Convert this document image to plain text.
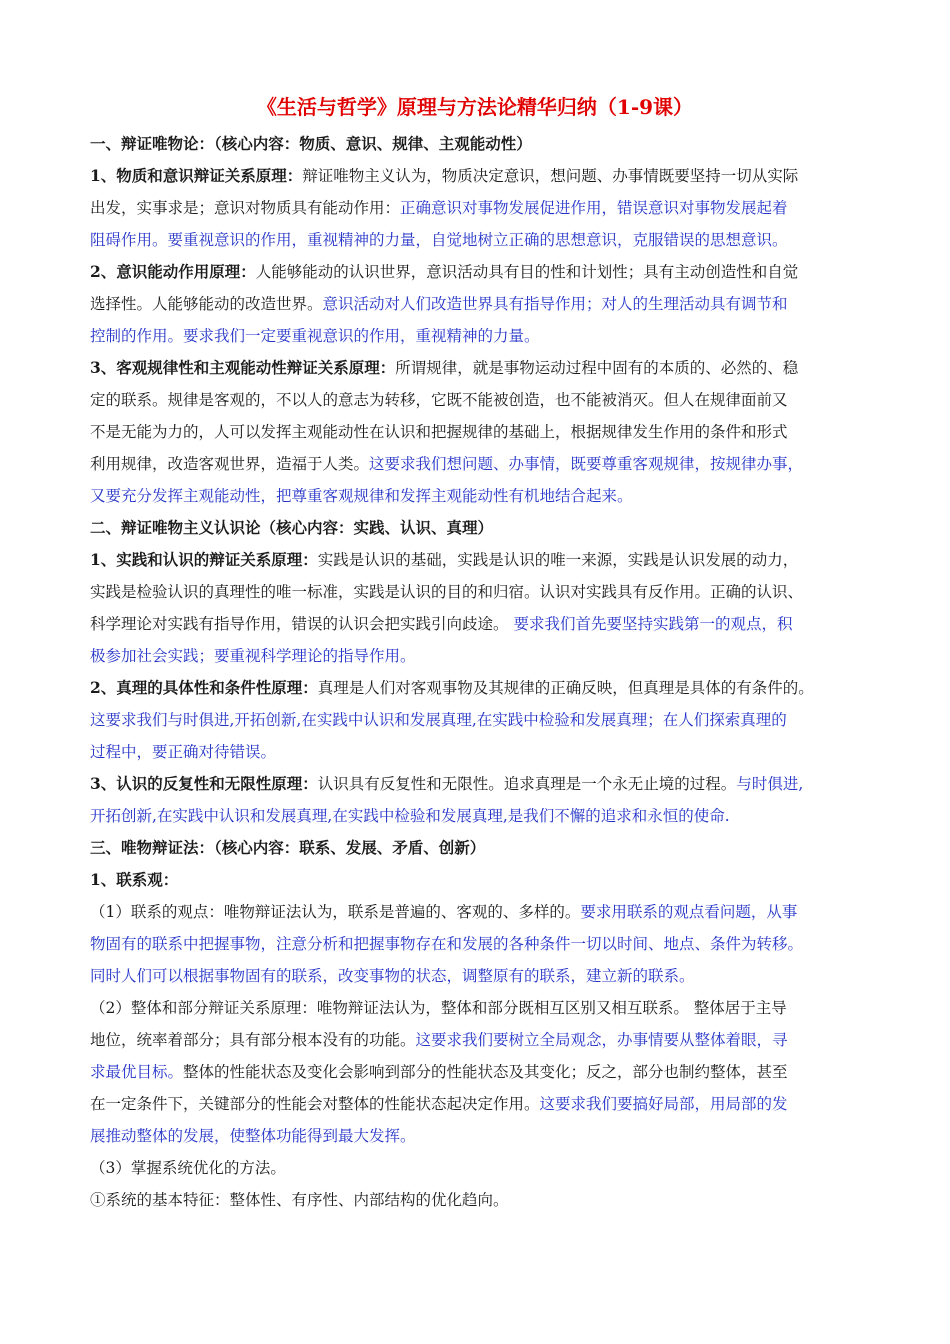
《生活与哲学》原理与方法论精华归纳（1-9课）
一、辩证唯物论：（核心内容：物质、意识、规律、主观能动性）
1、物质和意识辩证关系原理：辩证唯物主义认为，物质决定意识，想问题、办事情既要坚持一切从实际
出发，实事求是；意识对物质具有能动作用：正确意识对事物发展促进作用，错误意识对事物发展起着
阻碍作用。要重视意识的作用，重视精神的力量，自觉地树立正确的思想意识，克服错误的思想意识。
2、意识能动作用原理：人能够能动的认识世界，意识活动具有目的性和计划性；具有主动创造性和自觉
选择性。人能够能动的改造世界。意识活动对人们改造世界具有指导作用；对人的生理活动具有调节和
控制的作用。要求我们一定要重视意识的作用，重视精神的力量。
3、客观规律性和主观能动性辩证关系原理：所谓规律，就是事物运动过程中固有的本质的、必然的、稳
定的联系。规律是客观的，不以人的意志为转移，它既不能被创造，也不能被消灭。但人在规律面前又
不是无能为力的，人可以发挥主观能动性在认识和把握规律的基础上，根据规律发生作用的条件和形式
利用规律，改造客观世界，造福于人类。这要求我们想问题、办事情，既要尊重客观规律，按规律办事，
又要充分发挥主观能动性，把尊重客观规律和发挥主观能动性有机地结合起来。
二、辩证唯物主义认识论（核心内容：实践、认识、真理）
1、实践和认识的辩证关系原理：实践是认识的基础，实践是认识的唯一来源，实践是认识发展的动力，
实践是检验认识的真理性的唯一标准，实践是认识的目的和归宿。认识对实践具有反作用。正确的认识、
科学理论对实践有指导作用，错误的认识会把实践引向歧途。 要求我们首先要坚持实践第一的观点，积
极参加社会实践；要重视科学理论的指导作用。
2、真理的具体性和条件性原理：真理是人们对客观事物及其规律的正确反映，但真理是具体的有条件的。
这要求我们与时俱进,开拓创新,在实践中认识和发展真理,在实践中检验和发展真理；在人们探索真理的
过程中，要正确对待错误。
3、认识的反复性和无限性原理：认识具有反复性和无限性。追求真理是一个永无止境的过程。与时俱进,
开拓创新,在实践中认识和发展真理,在实践中检验和发展真理,是我们不懈的追求和永恒的使命.
三、唯物辩证法：（核心内容：联系、发展、矛盾、创新）
1、联系观：
（1）联系的观点：唯物辩证法认为，联系是普遍的、客观的、多样的。要求用联系的观点看问题，从事
物固有的联系中把握事物，注意分析和把握事物存在和发展的各种条件一切以时间、地点、条件为转移。
同时人们可以根据事物固有的联系，改变事物的状态，调整原有的联系，建立新的联系。
（2）整体和部分辩证关系原理：唯物辩证法认为，整体和部分既相互区别又相互联系。 整体居于主导
地位，统率着部分；具有部分根本没有的功能。这要求我们要树立全局观念，办事情要从整体着眼，寻
求最优目标。整体的性能状态及变化会影响到部分的性能状态及其变化；反之，部分也制约整体，甚至
在一定条件下，关键部分的性能会对整体的性能状态起决定作用。这要求我们要搞好局部，用局部的发
展推动整体的发展，使整体功能得到最大发挥。
（3）掌握系统优化的方法。
①系统的基本特征：整体性、有序性、内部结构的优化趋向。
